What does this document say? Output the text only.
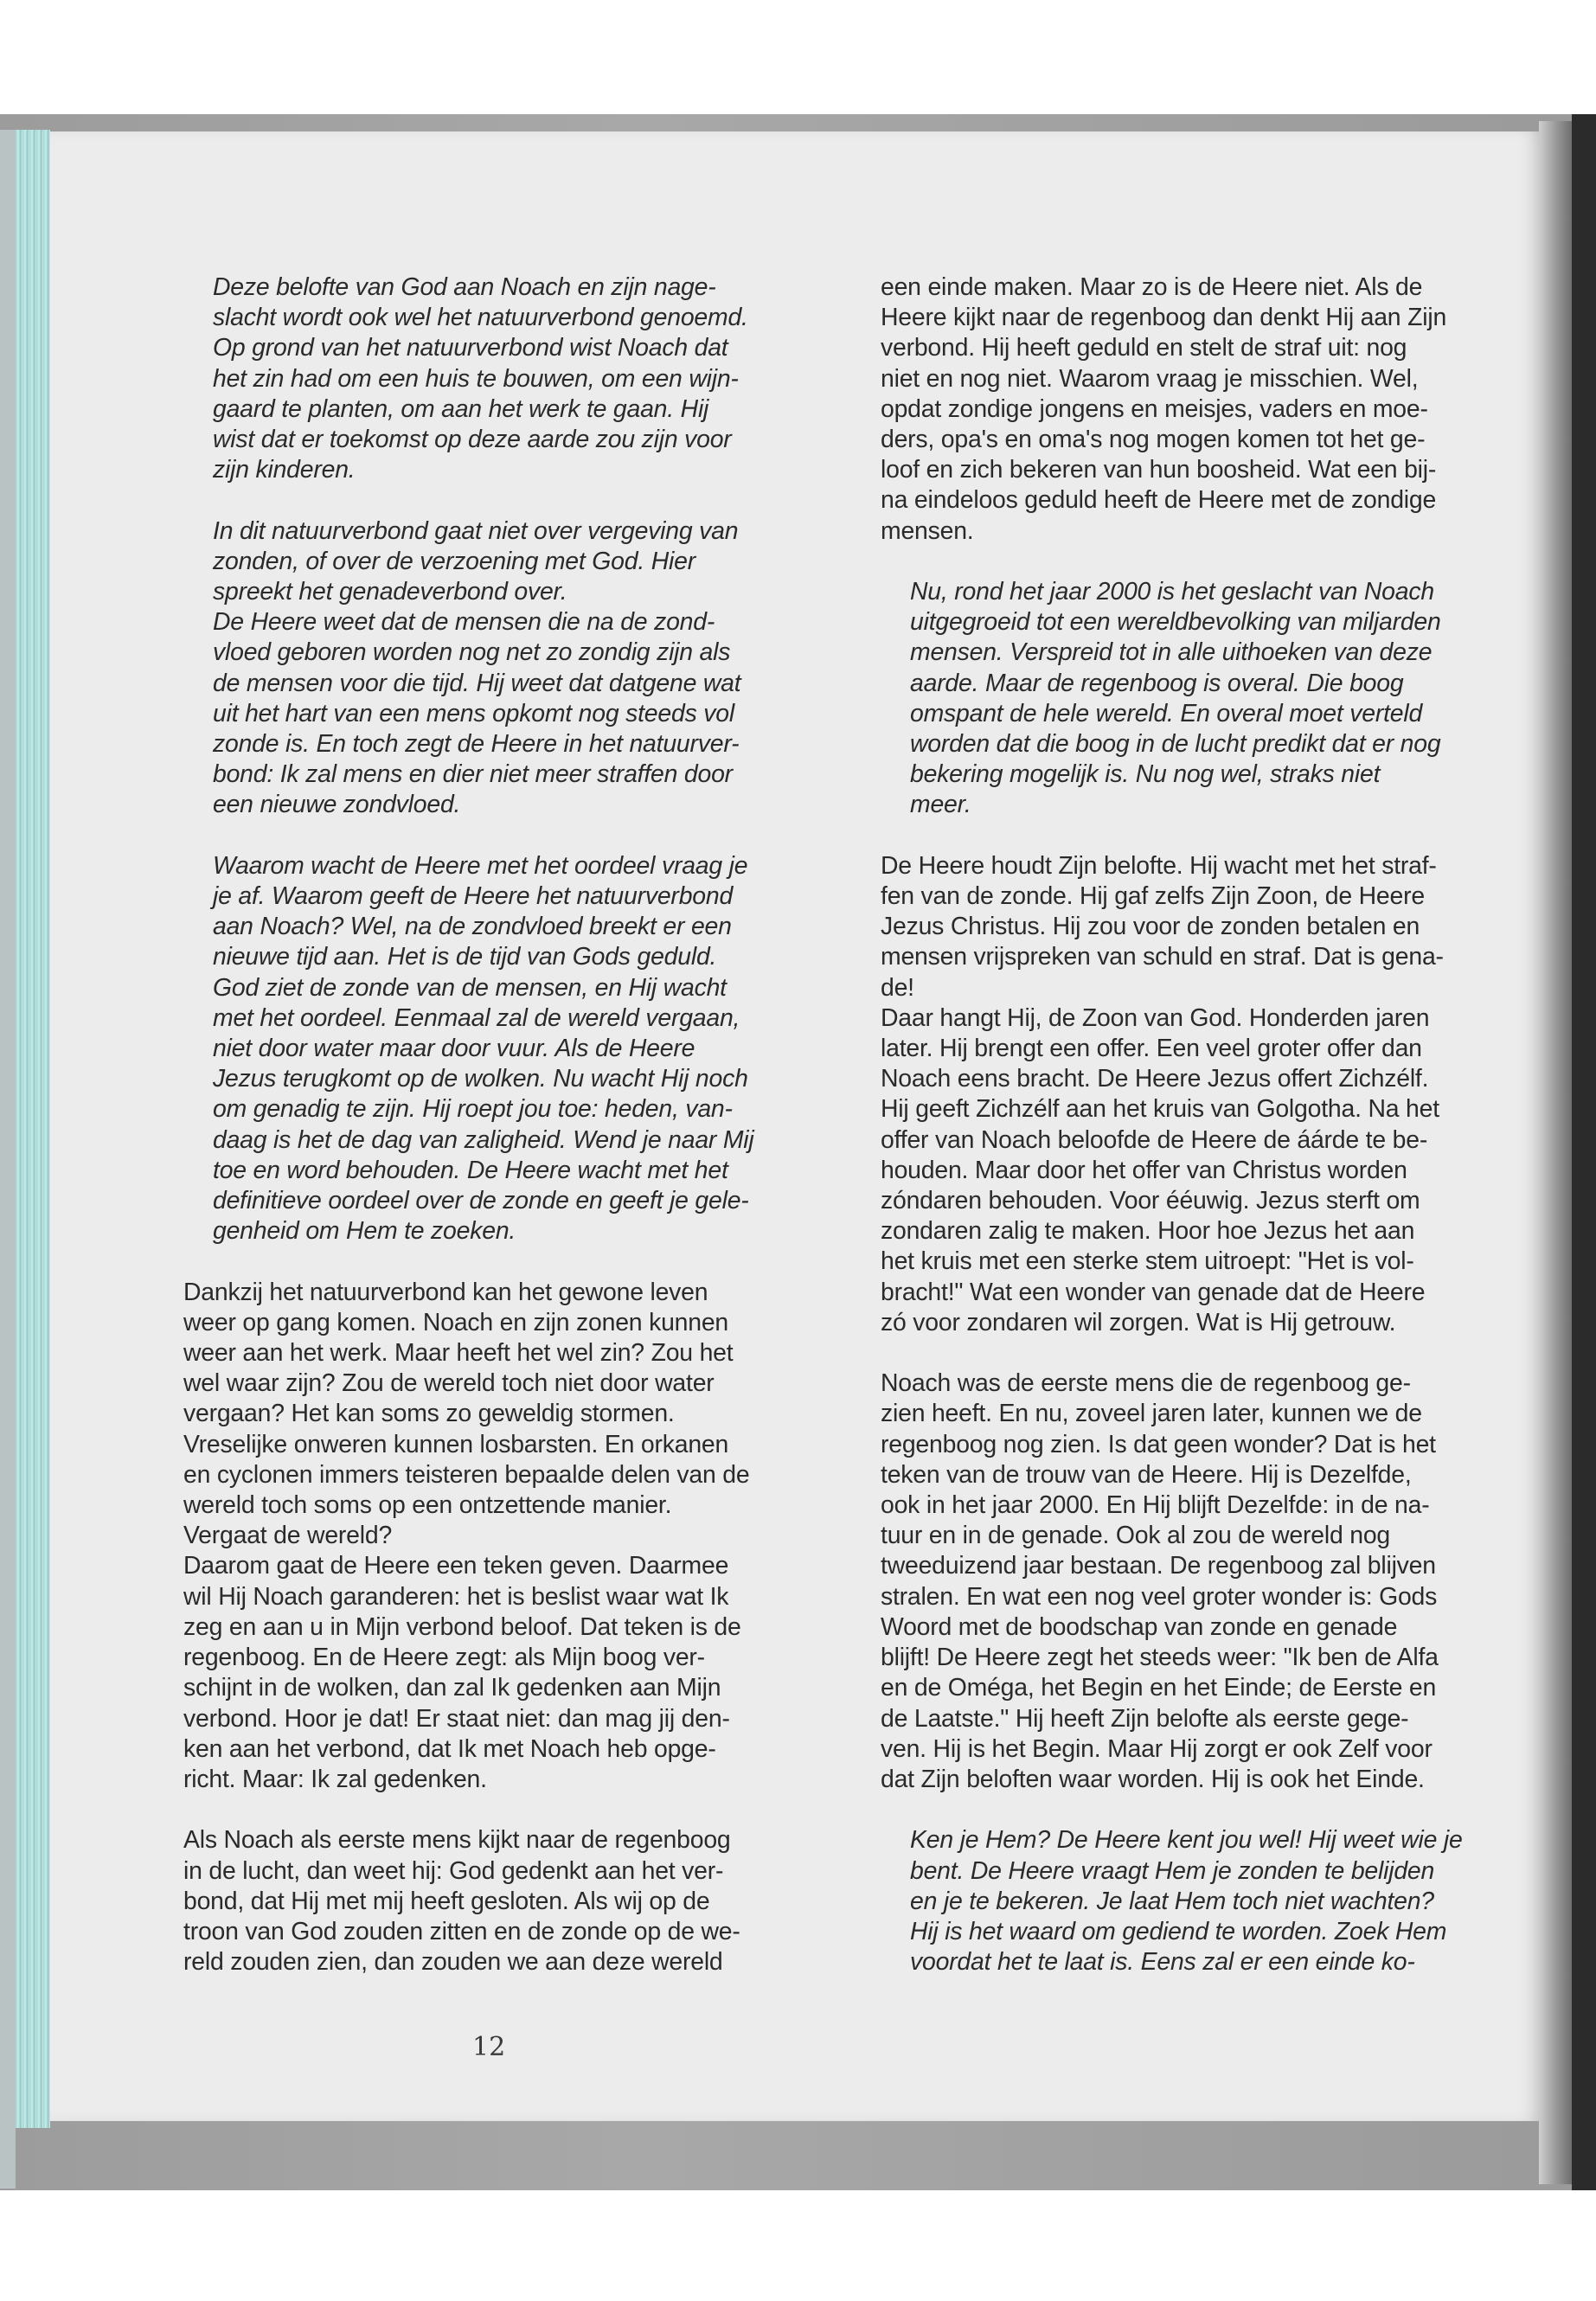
Deze belofte van God aan Noach en zijn nage-
slacht wordt ook wel het natuurverbond genoemd.
Op grond van het natuurverbond wist Noach dat
het zin had om een huis te bouwen, om een wijn-
gaard te planten, om aan het werk te gaan. Hij
wist dat er toekomst op deze aarde zou zijn voor
zijn kinderen.

In dit natuurverbond gaat niet over vergeving van
zonden, of over de verzoening met God. Hier
spreekt het genadeverbond over.
De Heere weet dat de mensen die na de zond-
vloed geboren worden nog net zo zondig zijn als
de mensen voor die tijd. Hij weet dat datgene wat
uit het hart van een mens opkomt nog steeds vol
zonde is. En toch zegt de Heere in het natuurver-
bond: Ik zal mens en dier niet meer straffen door
een nieuwe zondvloed.

Waarom wacht de Heere met het oordeel vraag je
je af. Waarom geeft de Heere het natuurverbond
aan Noach? Wel, na de zondvloed breekt er een
nieuwe tijd aan. Het is de tijd van Gods geduld.
God ziet de zonde van de mensen, en Hij wacht
met het oordeel. Eenmaal zal de wereld vergaan,
niet door water maar door vuur. Als de Heere
Jezus terugkomt op de wolken. Nu wacht Hij noch
om genadig te zijn. Hij roept jou toe: heden, van-
daag is het de dag van zaligheid. Wend je naar Mij
toe en word behouden. De Heere wacht met het
definitieve oordeel over de zonde en geeft je gele-
genheid om Hem te zoeken.

Dankzij het natuurverbond kan het gewone leven
weer op gang komen. Noach en zijn zonen kunnen
weer aan het werk. Maar heeft het wel zin? Zou het
wel waar zijn? Zou de wereld toch niet door water
vergaan? Het kan soms zo geweldig stormen.
Vreselijke onweren kunnen losbarsten. En orkanen
en cyclonen immers teisteren bepaalde delen van de
wereld toch soms op een ontzettende manier.
Vergaat de wereld?
Daarom gaat de Heere een teken geven. Daarmee
wil Hij Noach garanderen: het is beslist waar wat Ik
zeg en aan u in Mijn verbond beloof. Dat teken is de
regenboog. En de Heere zegt: als Mijn boog ver-
schijnt in de wolken, dan zal Ik gedenken aan Mijn
verbond. Hoor je dat! Er staat niet: dan mag jij den-
ken aan het verbond, dat Ik met Noach heb opge-
richt. Maar: Ik zal gedenken.

Als Noach als eerste mens kijkt naar de regenboog
in de lucht, dan weet hij: God gedenkt aan het ver-
bond, dat Hij met mij heeft gesloten. Als wij op de
troon van God zouden zitten en de zonde op de we-
reld zouden zien, dan zouden we aan deze wereld

een einde maken. Maar zo is de Heere niet. Als de
Heere kijkt naar de regenboog dan denkt Hij aan Zijn
verbond. Hij heeft geduld en stelt de straf uit: nog
niet en nog niet. Waarom vraag je misschien. Wel,
opdat zondige jongens en meisjes, vaders en moe-
ders, opa's en oma's nog mogen komen tot het ge-
loof en zich bekeren van hun boosheid. Wat een bij-
na eindeloos geduld heeft de Heere met de zondige
mensen.

Nu, rond het jaar 2000 is het geslacht van Noach
uitgegroeid tot een wereldbevolking van miljarden
mensen. Verspreid tot in alle uithoeken van deze
aarde. Maar de regenboog is overal. Die boog
omspant de hele wereld. En overal moet verteld
worden dat die boog in de lucht predikt dat er nog
bekering mogelijk is. Nu nog wel, straks niet
meer.

De Heere houdt Zijn belofte. Hij wacht met het straf-
fen van de zonde. Hij gaf zelfs Zijn Zoon, de Heere
Jezus Christus. Hij zou voor de zonden betalen en
mensen vrijspreken van schuld en straf. Dat is gena-
de!
Daar hangt Hij, de Zoon van God. Honderden jaren
later. Hij brengt een offer. Een veel groter offer dan
Noach eens bracht. De Heere Jezus offert Zichzélf.
Hij geeft Zichzélf aan het kruis van Golgotha. Na het
offer van Noach beloofde de Heere de áárde te be-
houden. Maar door het offer van Christus worden
zóndaren behouden. Voor ééuwig. Jezus sterft om
zondaren zalig te maken. Hoor hoe Jezus het aan
het kruis met een sterke stem uitroept: "Het is vol-
bracht!" Wat een wonder van genade dat de Heere
zó voor zondaren wil zorgen. Wat is Hij getrouw.

Noach was de eerste mens die de regenboog ge-
zien heeft. En nu, zoveel jaren later, kunnen we de
regenboog nog zien. Is dat geen wonder? Dat is het
teken van de trouw van de Heere. Hij is Dezelfde,
ook in het jaar 2000. En Hij blijft Dezelfde: in de na-
tuur en in de genade. Ook al zou de wereld nog
tweeduizend jaar bestaan. De regenboog zal blijven
stralen. En wat een nog veel groter wonder is: Gods
Woord met de boodschap van zonde en genade
blijft! De Heere zegt het steeds weer: "Ik ben de Alfa
en de Oméga, het Begin en het Einde; de Eerste en
de Laatste." Hij heeft Zijn belofte als eerste gege-
ven. Hij is het Begin. Maar Hij zorgt er ook Zelf voor
dat Zijn beloften waar worden. Hij is ook het Einde.

Ken je Hem? De Heere kent jou wel! Hij weet wie je
bent. De Heere vraagt Hem je zonden te belijden
en je te bekeren. Je laat Hem toch niet wachten?
Hij is het waard om gediend te worden. Zoek Hem
voordat het te laat is. Eens zal er een einde ko-

12
